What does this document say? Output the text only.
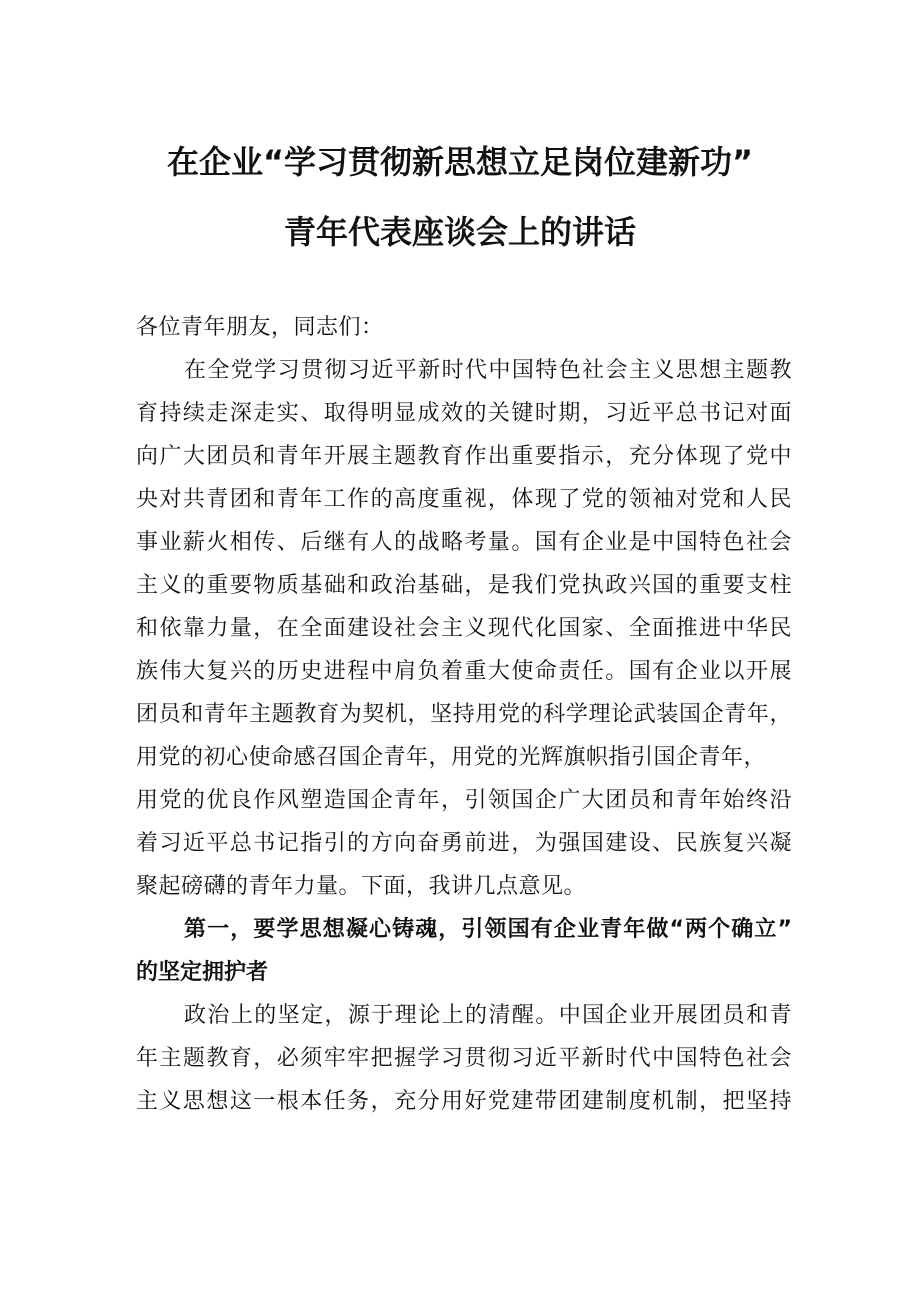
在企业“学习贯彻新思想立足岗位建新功”
青年代表座谈会上的讲话
各位青年朋友，同志们：
在全党学习贯彻习近平新时代中国特色社会主义思想主题教
育持续走深走实、取得明显成效的关键时期，习近平总书记对面
向广大团员和青年开展主题教育作出重要指示，充分体现了党中
央对共青团和青年工作的高度重视，体现了党的领袖对党和人民
事业薪火相传、后继有人的战略考量。国有企业是中国特色社会
主义的重要物质基础和政治基础，是我们党执政兴国的重要支柱
和依靠力量，在全面建设社会主义现代化国家、全面推进中华民
族伟大复兴的历史进程中肩负着重大使命责任。国有企业以开展
团员和青年主题教育为契机，坚持用党的科学理论武装国企青年，
用党的初心使命感召国企青年，用党的光辉旗帜指引国企青年，
用党的优良作风塑造国企青年，引领国企广大团员和青年始终沿
着习近平总书记指引的方向奋勇前进，为强国建设、民族复兴凝
聚起磅礴的青年力量。下面，我讲几点意见。
第一，要学思想凝心铸魂，引领国有企业青年做“两个确立”
的坚定拥护者
政治上的坚定，源于理论上的清醒。中国企业开展团员和青
年主题教育，必须牢牢把握学习贯彻习近平新时代中国特色社会
主义思想这一根本任务，充分用好党建带团建制度机制，把坚持
